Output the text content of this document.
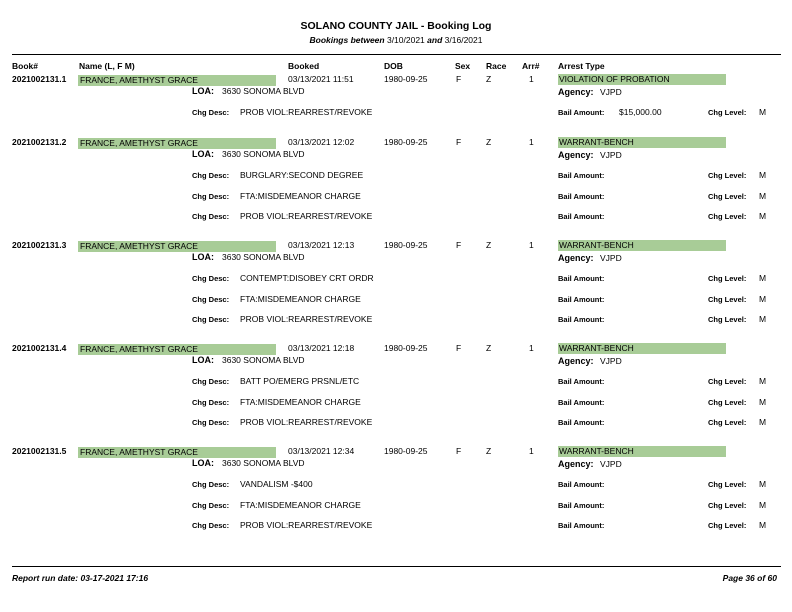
SOLANO COUNTY JAIL - Booking Log
Bookings between 3/10/2021 and 3/16/2021
Book#	Name (L, F M)	Booked	DOB	Sex Race Arr# Arrest Type
2021002131.1 FRANCE, AMETHYST GRACE	03/13/2021 11:51	1980-09-25	F	Z	1	VIOLATION OF PROBATION
LOA: 3630 SONOMA BLVD	Agency: VJPD
Chg Desc: PROB VIOL:REARREST/REVOKE	Bail Amount: $15,000.00	Chg Level: M
2021002131.2 FRANCE, AMETHYST GRACE	03/13/2021 12:02	1980-09-25	F	Z	1	WARRANT-BENCH
LOA: 3630 SONOMA BLVD	Agency: VJPD
Chg Desc: BURGLARY:SECOND DEGREE	Bail Amount:	Chg Level: M
Chg Desc: FTA:MISDEMEANOR CHARGE	Bail Amount:	Chg Level: M
Chg Desc: PROB VIOL:REARREST/REVOKE	Bail Amount:	Chg Level: M
2021002131.3 FRANCE, AMETHYST GRACE	03/13/2021 12:13	1980-09-25	F	Z	1	WARRANT-BENCH
LOA: 3630 SONOMA BLVD	Agency: VJPD
Chg Desc: CONTEMPT:DISOBEY CRT ORDR	Bail Amount:	Chg Level: M
Chg Desc: FTA:MISDEMEANOR CHARGE	Bail Amount:	Chg Level: M
Chg Desc: PROB VIOL:REARREST/REVOKE	Bail Amount:	Chg Level: M
2021002131.4 FRANCE, AMETHYST GRACE	03/13/2021 12:18	1980-09-25	F	Z	1	WARRANT-BENCH
LOA: 3630 SONOMA BLVD	Agency: VJPD
Chg Desc: BATT PO/EMERG PRSNL/ETC	Bail Amount:	Chg Level: M
Chg Desc: FTA:MISDEMEANOR CHARGE	Bail Amount:	Chg Level: M
Chg Desc: PROB VIOL:REARREST/REVOKE	Bail Amount:	Chg Level: M
2021002131.5 FRANCE, AMETHYST GRACE	03/13/2021 12:34	1980-09-25	F	Z	1	WARRANT-BENCH
LOA: 3630 SONOMA BLVD	Agency: VJPD
Chg Desc: VANDALISM -$400	Bail Amount:	Chg Level: M
Chg Desc: FTA:MISDEMEANOR CHARGE	Bail Amount:	Chg Level: M
Chg Desc: PROB VIOL:REARREST/REVOKE	Bail Amount:	Chg Level: M
Report run date: 03-17-2021 17:16	Page 36 of 60
